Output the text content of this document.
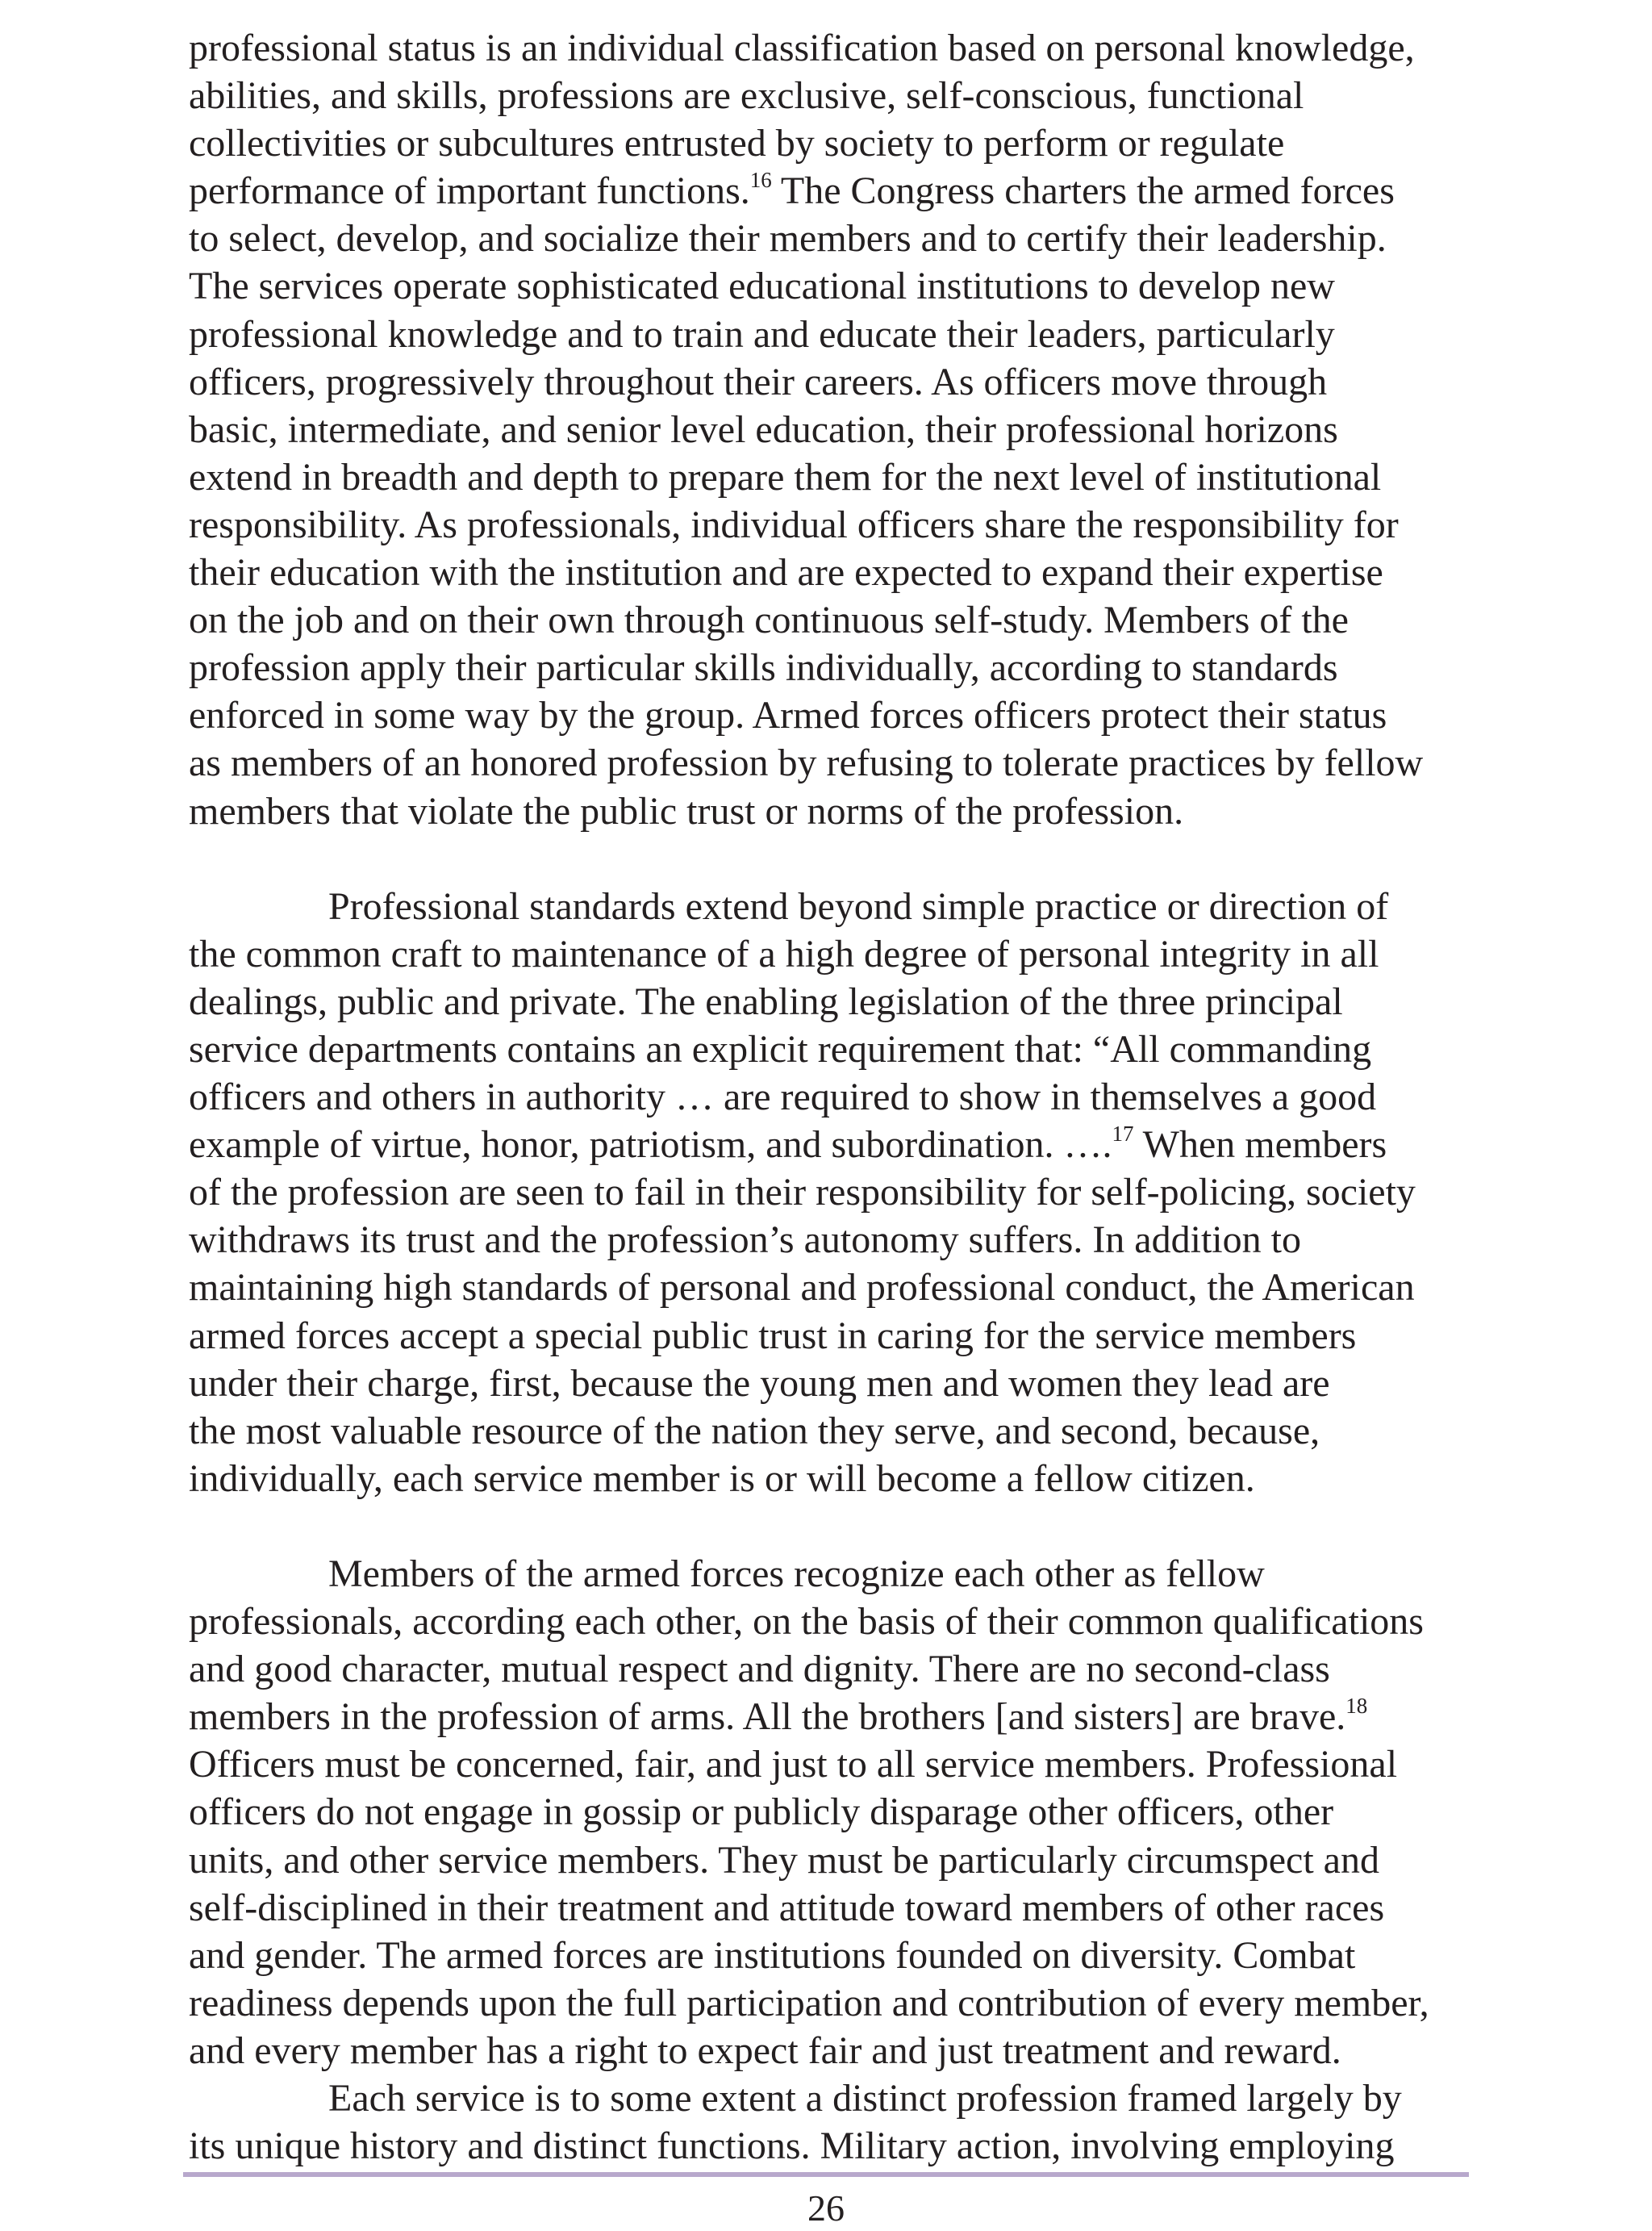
professional status is an individual classification based on personal knowledge,
abilities, and skills, professions are exclusive, self-conscious, functional
collectivities or subcultures entrusted by society to perform or regulate
performance of important functions.$^{16}$ The Congress charters the armed forces
to select, develop, and socialize their members and to certify their leadership.
The services operate sophisticated educational institutions to develop new
professional knowledge and to train and educate their leaders, particularly
officers, progressively throughout their careers. As officers move through
basic, intermediate, and senior level education, their professional horizons
extend in breadth and depth to prepare them for the next level of institutional
responsibility. As professionals, individual officers share the responsibility for
their education with the institution and are expected to expand their expertise
on the job and on their own through continuous self-study. Members of the
profession apply their particular skills individually, according to standards
enforced in some way by the group. Armed forces officers protect their status
as members of an honored profession by refusing to tolerate practices by fellow
members that violate the public trust or norms of the profession.
Professional standards extend beyond simple practice or direction of
the common craft to maintenance of a high degree of personal integrity in all
dealings, public and private. The enabling legislation of the three principal
service departments contains an explicit requirement that: “All commanding
officers and others in authority … are required to show in themselves a good
example of virtue, honor, patriotism, and subordination. ….$^{17}$ When members
of the profession are seen to fail in their responsibility for self-policing, society
withdraws its trust and the profession’s autonomy suffers. In addition to
maintaining high standards of personal and professional conduct, the American
armed forces accept a special public trust in caring for the service members
under their charge, first, because the young men and women they lead are
the most valuable resource of the nation they serve, and second, because,
individually, each service member is or will become a fellow citizen.
Members of the armed forces recognize each other as fellow
professionals, according each other, on the basis of their common qualifications
and good character, mutual respect and dignity. There are no second-class
members in the profession of arms. All the brothers [and sisters] are brave.$^{18}$
Officers must be concerned, fair, and just to all service members. Professional
officers do not engage in gossip or publicly disparage other officers, other
units, and other service members. They must be particularly circumspect and
self-disciplined in their treatment and attitude toward members of other races
and gender. The armed forces are institutions founded on diversity. Combat
readiness depends upon the full participation and contribution of every member,
and every member has a right to expect fair and just treatment and reward.
Each service is to some extent a distinct profession framed largely by
its unique history and distinct functions. Military action, involving employing
26
